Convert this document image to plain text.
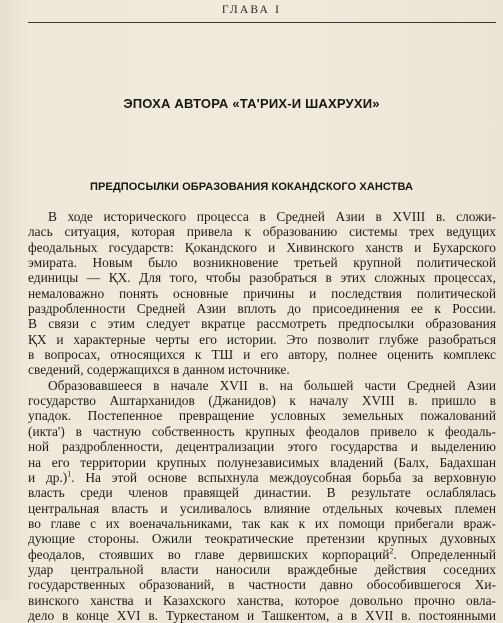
ГЛАВА I
ЭПОХА АВТОРА «ТА'РИХ-И ШАХРУХИ»
ПРЕДПОСЫЛКИ ОБРАЗОВАНИЯ КОКАНДСКОГО ХАНСТВА
В ходе исторического процесса в Средней Азии в XVIII в. сложи-
лась ситуация, которая привела к образованию системы трех ведущих
феодальных государств: Қокандского и Хивинского ханств и Бухарского
эмирата. Новым было возникновение третьей крупной политической
единицы — ҚХ. Для того, чтобы разобраться в этих сложных процессах,
немаловажно понять основные причины и последствия политической
раздробленности Средней Азии вплоть до присоединения ее к России.
В связи с этим следует вкратце рассмотреть предпосылки образования
ҚХ и характерные черты его истории. Это позволит глубже разобраться
в вопросах, относящихся к ТШ и его автору, полнее оценить комплекс
сведений, содержащихся в данном источнике.
Образовавшееся в начале XVII в. на большей части Средней Азии
государство Аштарханидов (Джанидов) к началу XVIII в. пришло в
упадок. Постепенное превращение условных земельных пожалований
(икта') в частную собственность крупных феодалов привело к феодаль-
ной раздробленности, децентрализации этого государства и выделению
на его территории крупных полунезависимых владений (Балх, Бадахшан
и др.)$^1$. На этой основе вспыхнула междоусобная борьба за верховную
власть среди членов правящей династии. В результате ослаблялась
центральная власть и усиливалось влияние отдельных кочевых племен
во главе с их военачальниками, так как к их помощи прибегали враж-
дующие стороны. Ожили теократические претензии крупных духовных
феодалов, стоявших во главе дервишских корпораций$^2$. Определенный
удар центральной власти наносили враждебные действия соседних
государственных образований, в частности давно обособившегося Хи-
винского ханства и Казахского ханства, которое довольно прочно овла-
дело в конце XVI в. Туркестаном и Ташкентом, а в XVII в. постоянными
